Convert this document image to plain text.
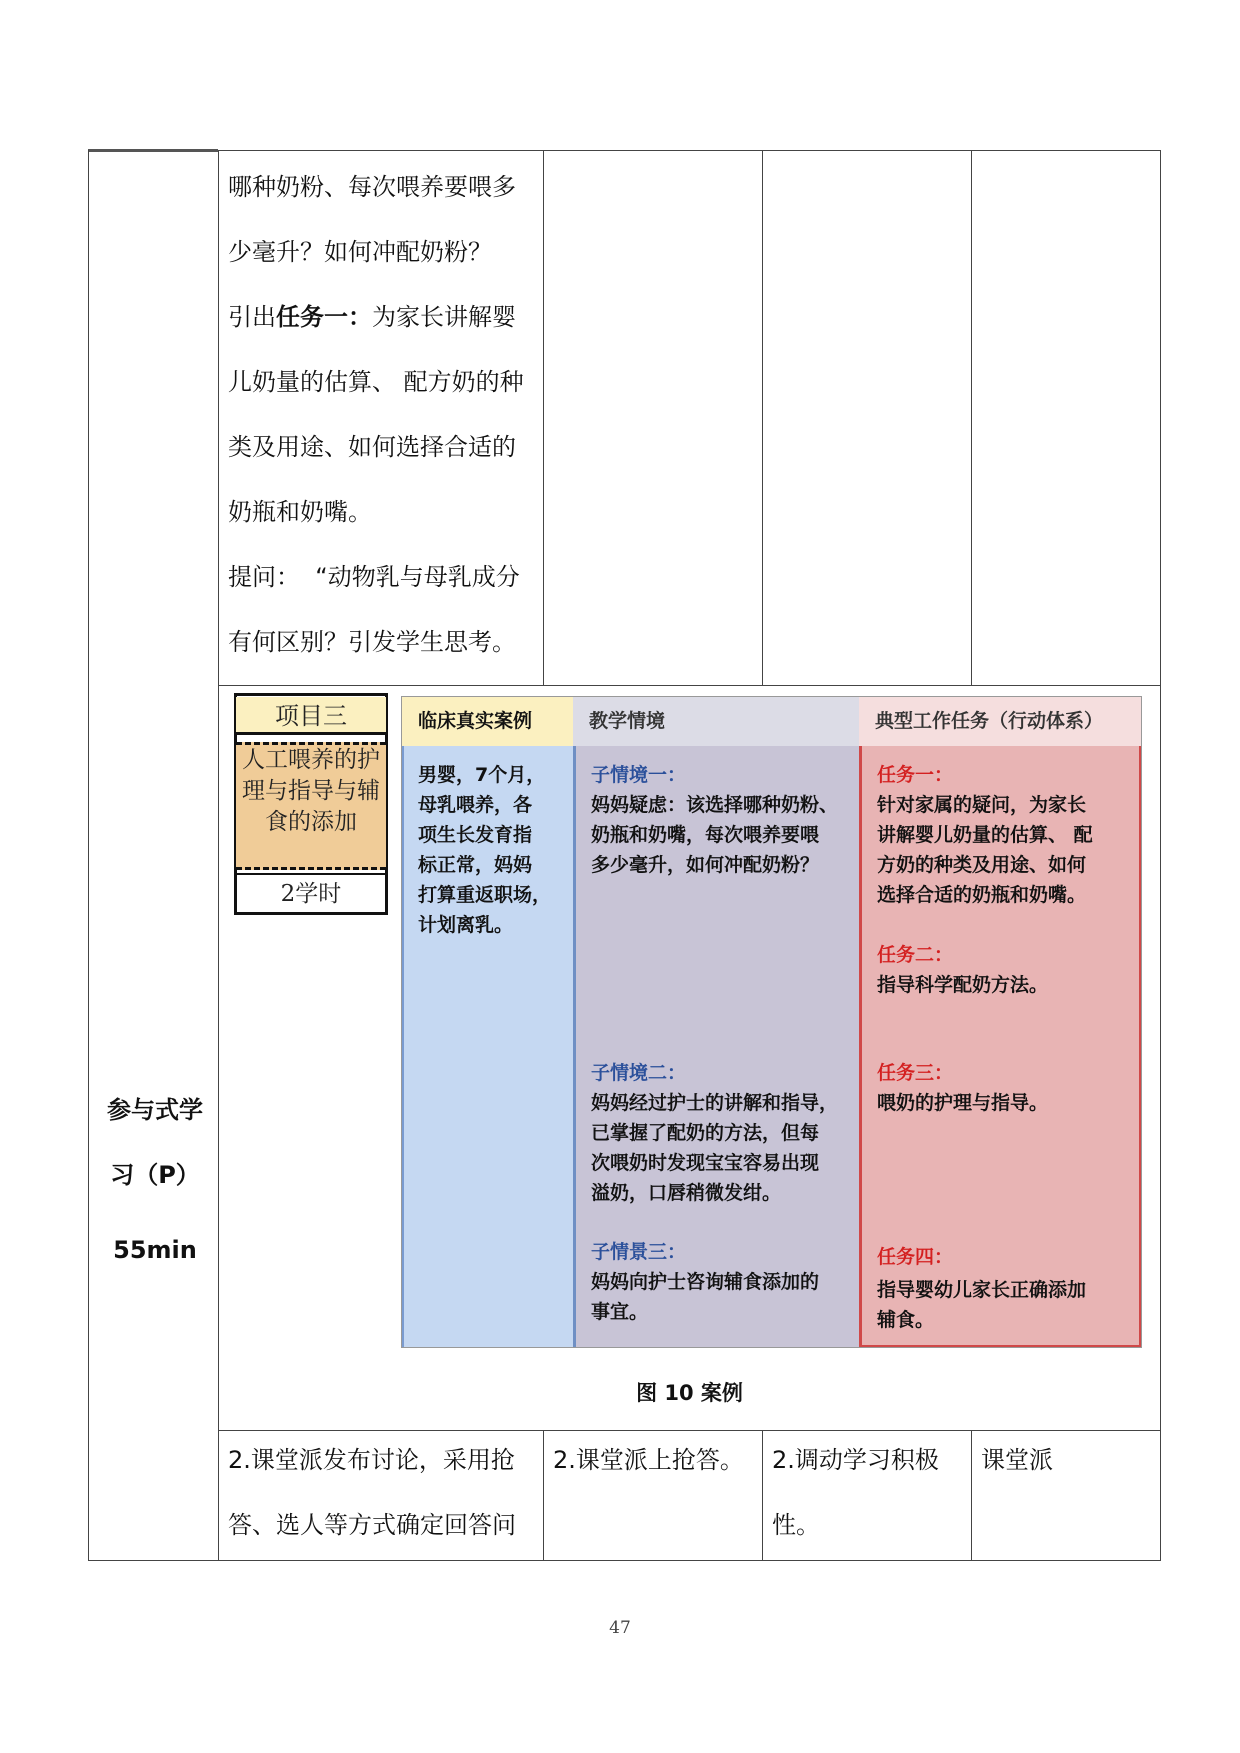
参与式学
习（P）
55min
哪种奶粉、每次喂养要喂多
少毫升？如何冲配奶粉？
引出任务一：为家长讲解婴
儿奶量的估算、 配方奶的种
类及用途、如何选择合适的
奶瓶和奶嘴。
提问：  “动物乳与母乳成分
有何区别？引发学生思考。
项目三
人工喂养的护理与指导与辅食的添加
2学时
临床真实案例
男婴，7个月，
母乳喂养，各
项生长发育指
标正常，妈妈
打算重返职场，
计划离乳。
教学情境
子情境一：
妈妈疑虑：该选择哪种奶粉、
奶瓶和奶嘴，每次喂养要喂
多少毫升，如何冲配奶粉？
子情境二：
妈妈经过护士的讲解和指导，
已掌握了配奶的方法，但每
次喂奶时发现宝宝容易出现
溢奶，口唇稍微发绀。
子情景三：
妈妈向护士咨询辅食添加的
事宜。
典型工作任务（行动体系）
任务一：
针对家属的疑问，为家长
讲解婴儿奶量的估算、 配
方奶的种类及用途、如何
选择合适的奶瓶和奶嘴。
任务二：
指导科学配奶方法。
任务三：
喂奶的护理与指导。
任务四：
指导婴幼儿家长正确添加
辅食。
图 10 案例
2.课堂派发布讨论，采用抢
答、选人等方式确定回答问
2.课堂派上抢答。 2.调动学习积极
性。
课堂派
47
